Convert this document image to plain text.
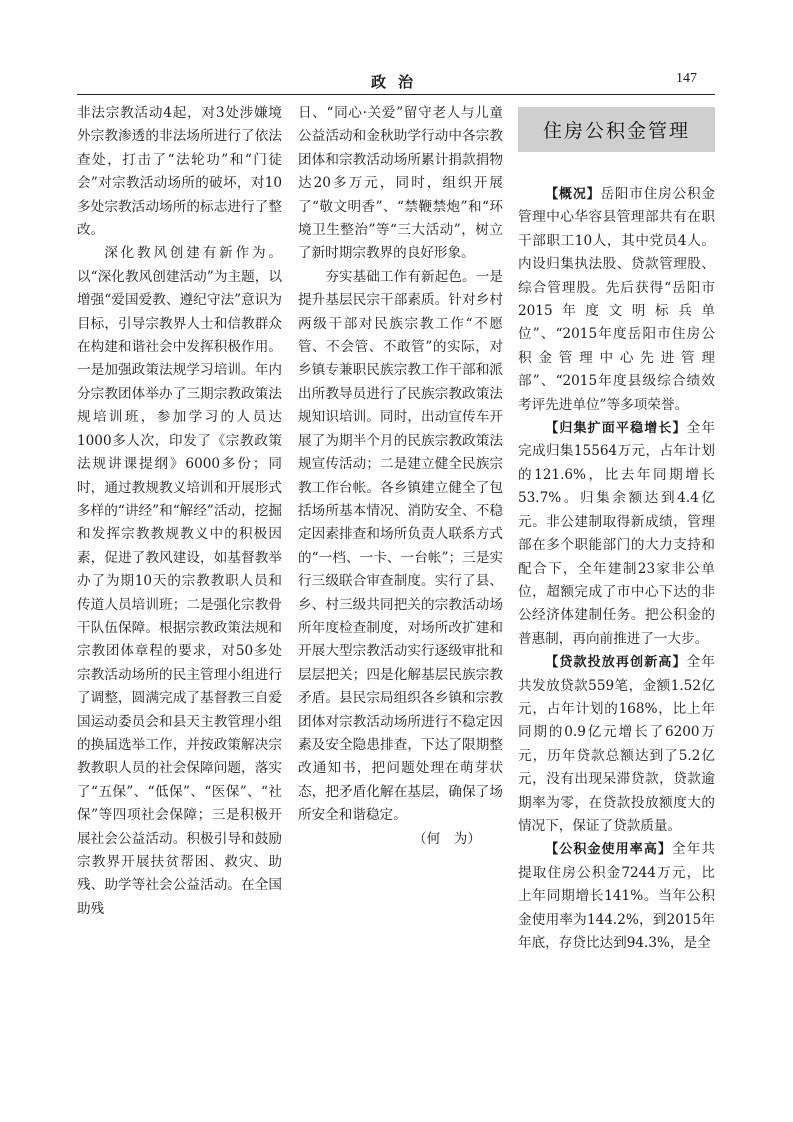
政治	147

非法宗教活动4起，对3处涉嫌境外宗教渗透的非法场所进行了依法查处，打击了“法轮功”和“门徒会”对宗教活动场所的破坏，对10多处宗教活动场所的标志进行了整改。

深化教风创建有新作为。以“深化教风创建活动”为主题，以增强“爱国爱教、遵纪守法”意识为目标，引导宗教界人士和信教群众在构建和谐社会中发挥积极作用。一是加强政策法规学习培训。年内分宗教团体举办了三期宗教政策法规培训班，参加学习的人员达1000多人次，印发了《宗教政策法规讲课提纲》6000多份；同时，通过教规教义培训和开展形式多样的“讲经”和“解经”活动，挖掘和发挥宗教教规教义中的积极因素，促进了教风建设，如基督教举办了为期10天的宗教教职人员和传道人员培训班；二是强化宗教骨干队伍保障。根据宗教政策法规和宗教团体章程的要求，对50多处宗教活动场所的民主管理小组进行了调整，圆满完成了基督教三自爱国运动委员会和县天主教管理小组的换届选举工作，并按政策解决宗教教职人员的社会保障问题，落实了“五保”、“低保”、“医保”、“社保”等四项社会保障；三是积极开展社会公益活动。积极引导和鼓励宗教界开展扶贫帮困、救灾、助残、助学等社会公益活动。在全国助残

日、“同心·关爱”留守老人与儿童公益活动和金秋助学行动中各宗教团体和宗教活动场所累计捐款捐物达20多万元，同时，组织开展了“敬文明香”、“禁鞭禁炮”和“环境卫生整治”等“三大活动”，树立了新时期宗教界的良好形象。

夯实基础工作有新起色。一是提升基层民宗干部素质。针对乡村两级干部对民族宗教工作“不愿管、不会管、不敢管”的实际，对乡镇专兼职民族宗教工作干部和派出所教导员进行了民族宗教政策法规知识培训。同时，出动宣传车开展了为期半个月的民族宗教政策法规宣传活动；二是建立健全民族宗教工作台帐。各乡镇建立健全了包括场所基本情况、消防安全、不稳定因素排查和场所负责人联系方式的“一档、一卡、一台帐”；三是实行三级联合审查制度。实行了县、乡、村三级共同把关的宗教活动场所年度检查制度，对场所改扩建和开展大型宗教活动实行逐级审批和层层把关；四是化解基层民族宗教矛盾。县民宗局组织各乡镇和宗教团体对宗教活动场所进行不稳定因素及安全隐患排查，下达了限期整改通知书，把问题处理在萌芽状态，把矛盾化解在基层，确保了场所安全和谐稳定。

（何　为）

住房公积金管理

【概况】岳阳市住房公积金管理中心华容县管理部共有在职干部职工10人，其中党员4人。内设归集执法股、贷款管理股、综合管理股。先后获得“岳阳市2015年度文明标兵单位”、“2015年度岳阳市住房公积金管理中心先进管理部”、“2015年度县级综合绩效考评先进单位”等多项荣誉。

【归集扩面平稳增长】全年完成归集15564万元，占年计划的121.6%，比去年同期增长53.7%。归集余额达到4.4亿元。非公建制取得新成绩，管理部在多个职能部门的大力支持和配合下，全年建制23家非公单位，超额完成了市中心下达的非公经济体建制任务。把公积金的普惠制，再向前推进了一大步。

【贷款投放再创新高】全年共发放贷款559笔，金额1.52亿元，占年计划的168%，比上年同期的0.9亿元增长了6200万元，历年贷款总额达到了5.2亿元，没有出现呆滞贷款，贷款逾期率为零，在贷款投放额度大的情况下，保证了贷款质量。

【公积金使用率高】全年共提取住房公积金7244万元，比上年同期增长141%。当年公积金使用率为144.2%，到2015年年底，存贷比达到94.3%，是全
